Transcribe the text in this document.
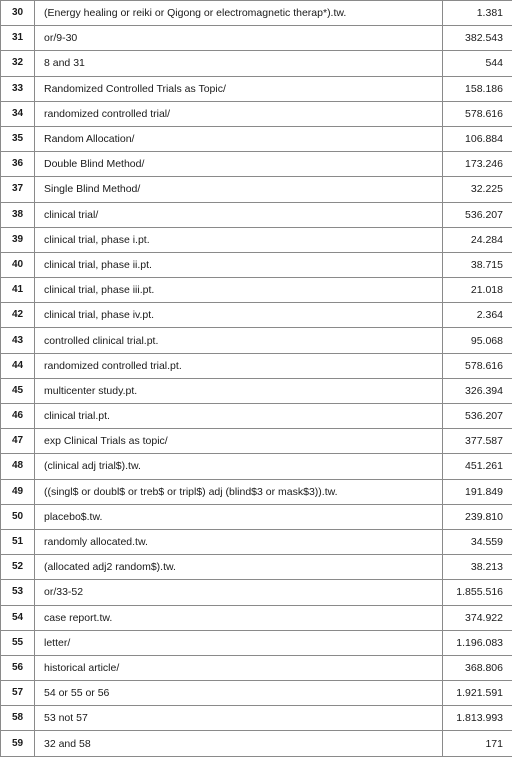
30	(Energy healing or reiki or Qigong or electromagnetic therap*).tw.	1.381
31	or/9-30	382.543
32	8 and 31	544
33	Randomized Controlled Trials as Topic/	158.186
34	randomized controlled trial/	578.616
35	Random Allocation/	106.884
36	Double Blind Method/	173.246
37	Single Blind Method/	32.225
38	clinical trial/	536.207
39	clinical trial, phase i.pt.	24.284
40	clinical trial, phase ii.pt.	38.715
41	clinical trial, phase iii.pt.	21.018
42	clinical trial, phase iv.pt.	2.364
43	controlled clinical trial.pt.	95.068
44	randomized controlled trial.pt.	578.616
45	multicenter study.pt.	326.394
46	clinical trial.pt.	536.207
47	exp Clinical Trials as topic/	377.587
48	(clinical adj trial$).tw.	451.261
49	((singl$ or doubl$ or treb$ or tripl$) adj (blind$3 or mask$3)).tw.	191.849
50	placebo$.tw.	239.810
51	randomly allocated.tw.	34.559
52	(allocated adj2 random$).tw.	38.213
53	or/33-52	1.855.516
54	case report.tw.	374.922
55	letter/	1.196.083
56	historical article/	368.806
57	54 or 55 or 56	1.921.591
58	53 not 57	1.813.993
59	32 and 58	171
